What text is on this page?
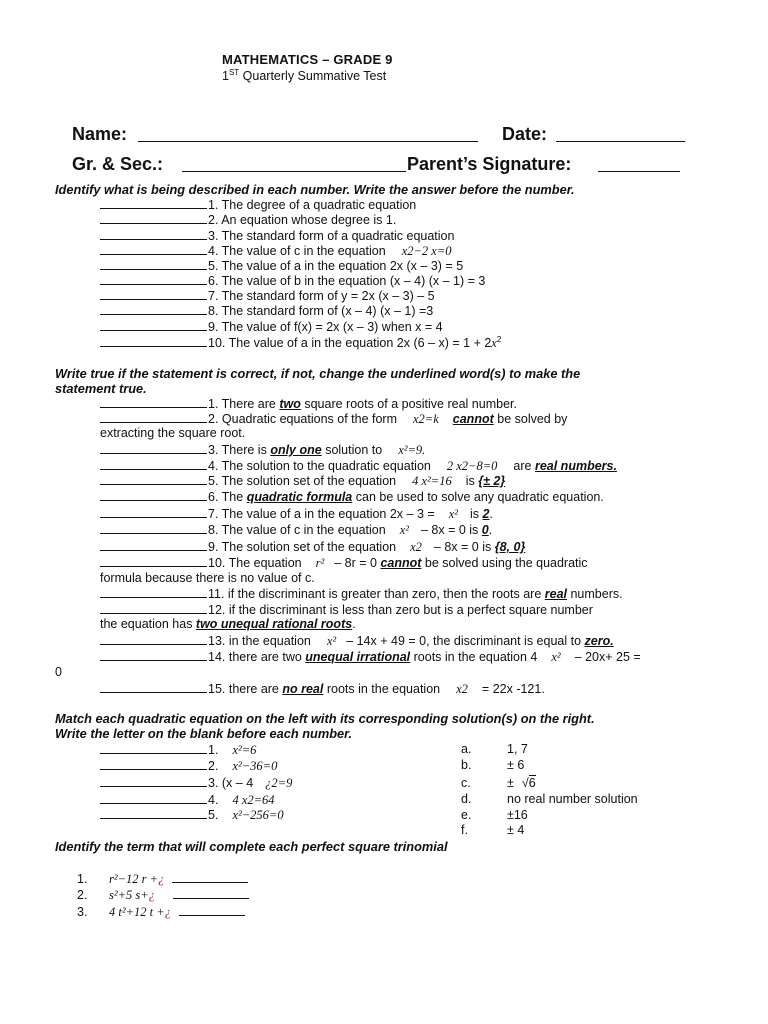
MATHEMATICS – GRADE 9
1ST Quarterly Summative Test
Name:	Date:
Gr. & Sec.:	Parent’s Signature:
Identify what is being described in each number. Write the answer before the number.
1. The degree of a quadratic equation
2. An equation whose degree is 1.
3. The standard form of a quadratic equation
4. The value of c in the equation x2−2 x=0
5. The value of a in the equation 2x (x – 3) = 5
6. The value of b in the equation (x – 4) (x – 1) = 3
7. The standard form of y = 2x (x – 3) – 5
8. The standard form of (x – 4) (x – 1) =3
9. The value of f(x) = 2x (x – 3) when x = 4
10. The value of a in the equation 2x $(6 - x) = 1 + 2x^2$
Write true if the statement is correct, if not, change the underlined word(s) to make the
statement true.
1. There are two square roots of a positive real number.
2. Quadratic equations of the form x2=k cannot be solved by
extracting the square root.
3. There is only one solution to x²=9.
4. The solution to the quadratic equation 2 x2−8=0 are real numbers.
5. The solution set of the equation 4 x²=16 is {± 2}
6. The quadratic formula can be used to solve any quadratic equation.
7. The value of a in the equation 2x – 3 = x² is 2.
8. The value of c in the equation x² – 8x = 0 is 0.
9. The solution set of the equation x2 – 8x = 0 is {8, 0}
10. The equation r² – 8r = 0 cannot be solved using the quadratic
formula because there is no value of c.
11. if the discriminant is greater than zero, then the roots are real numbers.
12. if the discriminant is less than zero but is a perfect square number
the equation has two unequal rational roots.
13. in the equation x² – 14x + 49 = 0, the discriminant is equal to zero.
14. there are two unequal irrational roots in the equation 4 x² – 20x+ 25 =
0
15. there are no real roots in the equation x2 = 22x -121.
Match each quadratic equation on the left with its corresponding solution(s) on the right.
Write the letter on the blank before each number.
1. x²=6
2. x²−36=0
3. (x – 4 ¿2=9
4. 4 x2=64
5. x²−256=0
a.	1, 7
b.	± 6
c.	± √6
d.	no real number solution
e.	±16
f.	± 4
Identify the term that will complete each perfect square trinomial
1. r²−12 r +¿
2. s²+5 s+¿
3. 4 t²+12 t +¿
